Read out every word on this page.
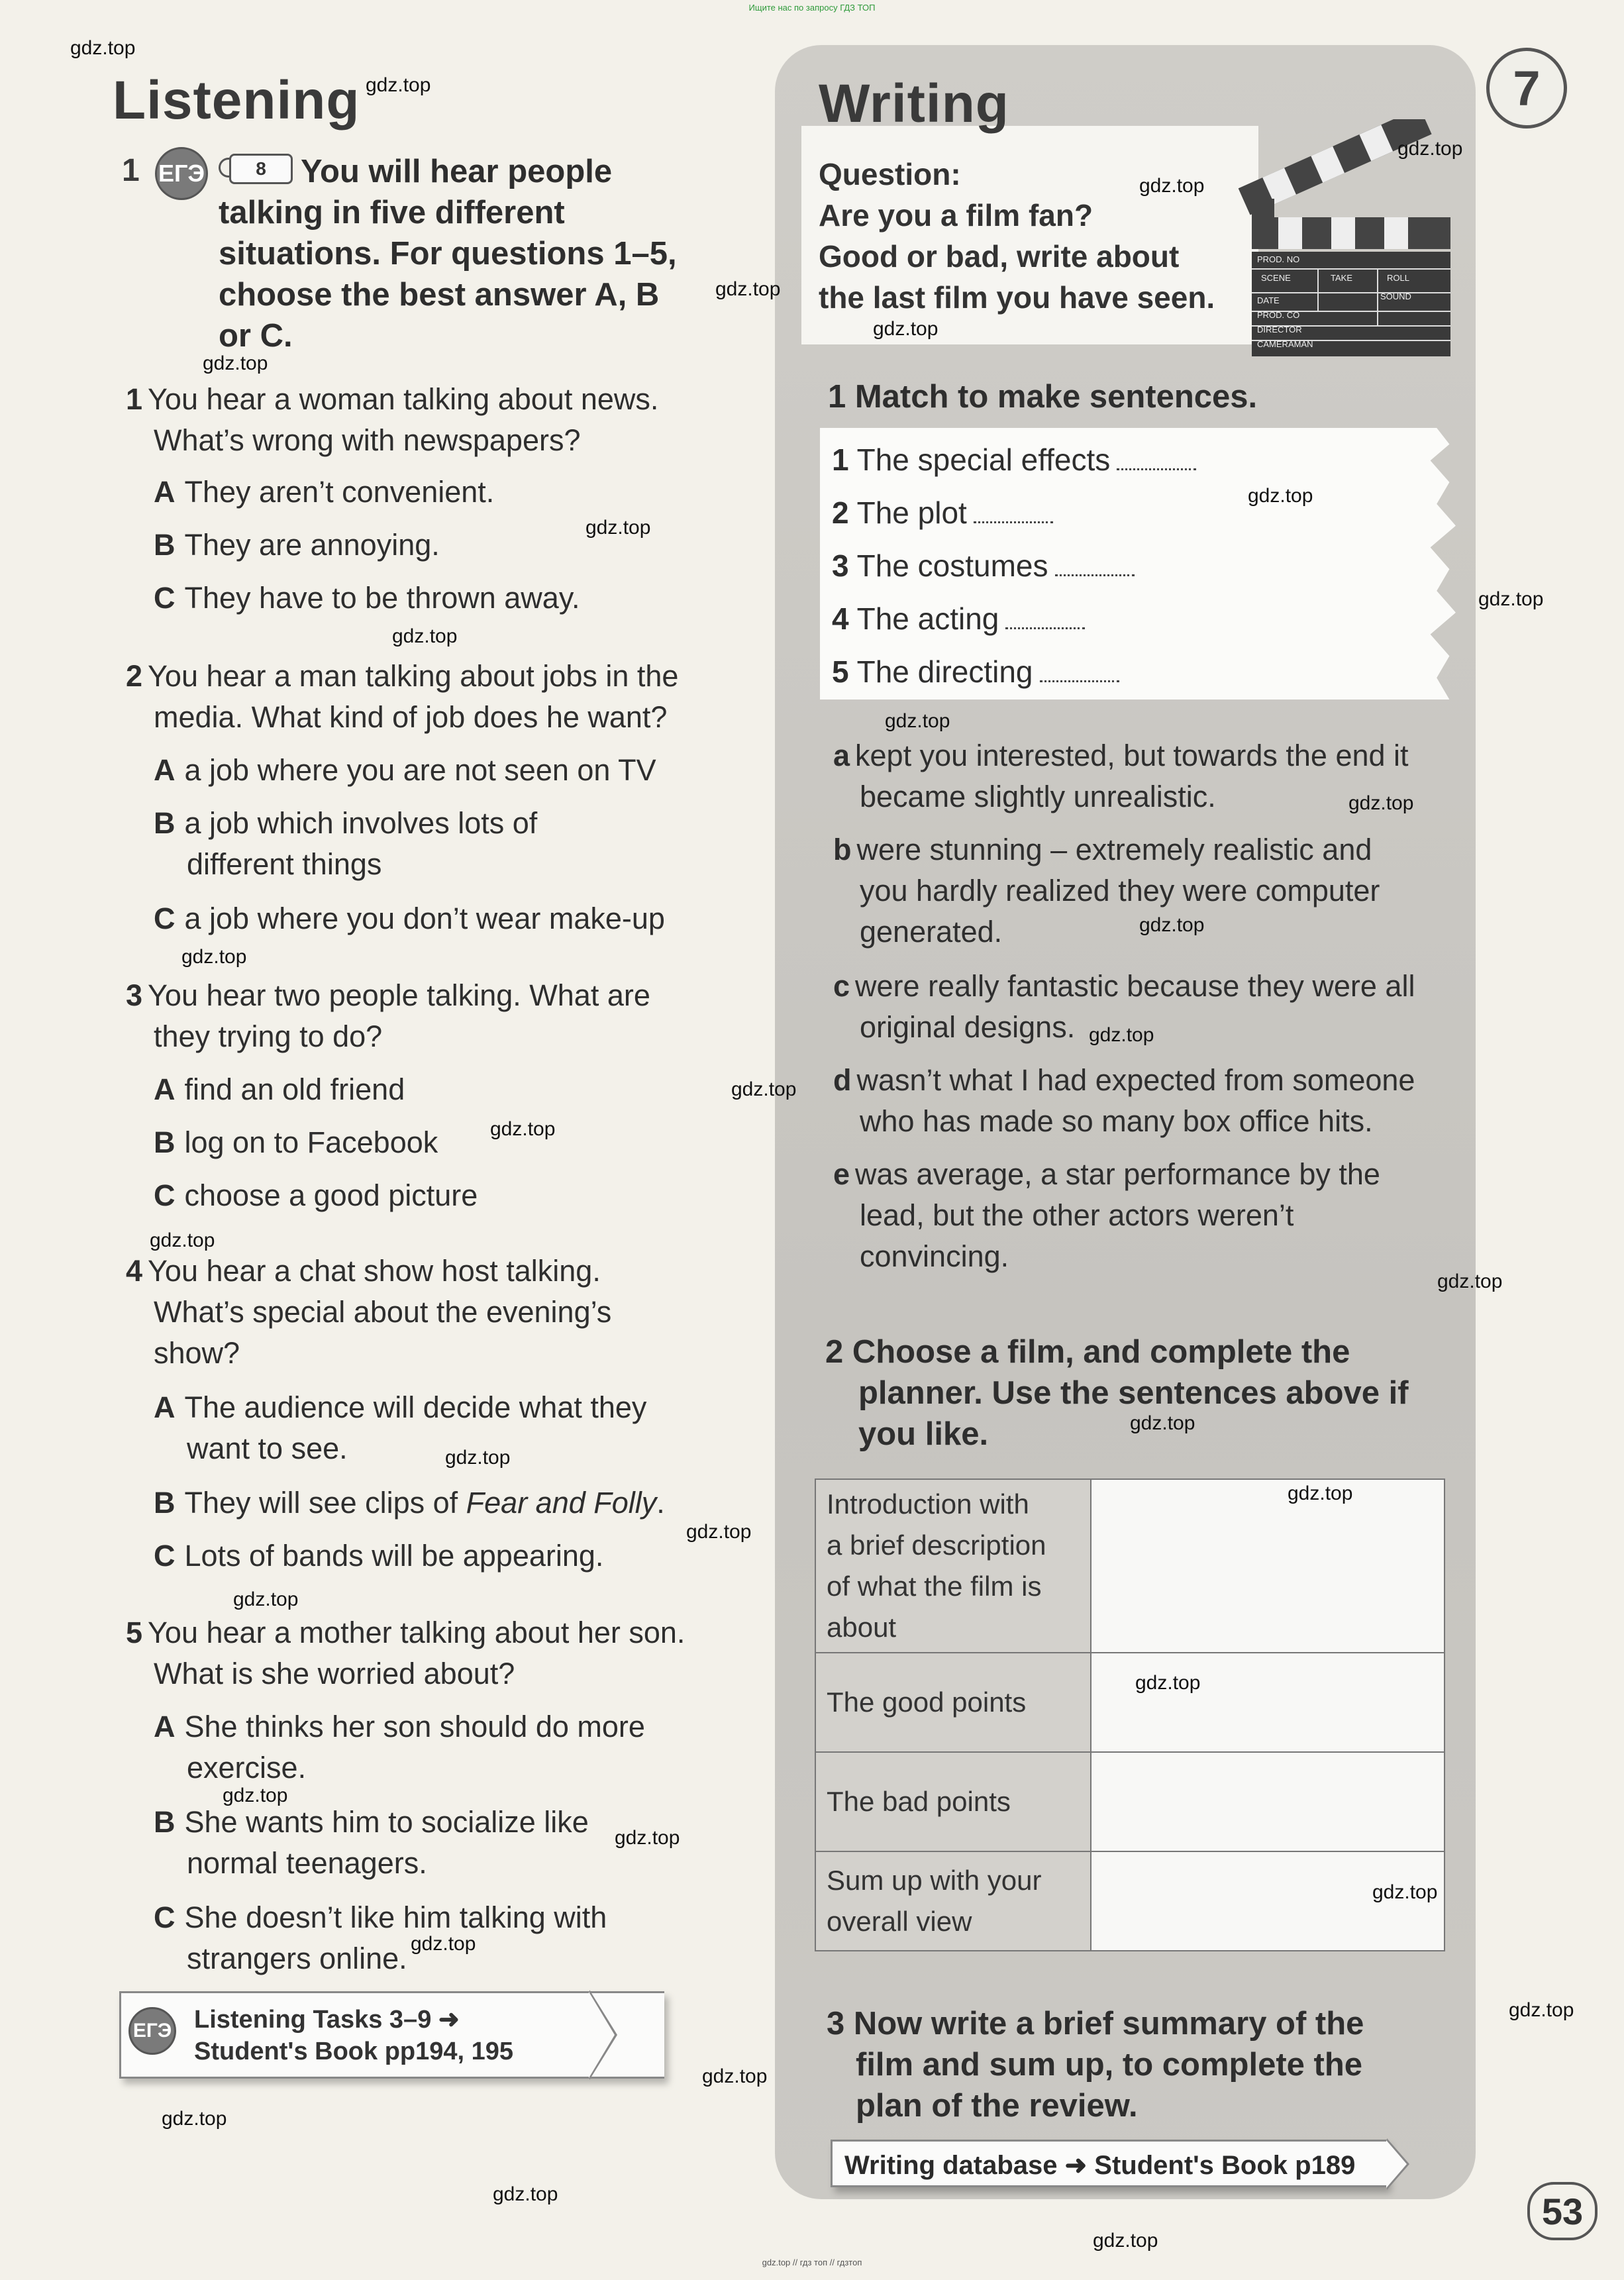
Ищите нас по запросу ГДЗ ТОП
gdz.top // гдз топ // гдзтоп
7
Listening
1 ЕГЭ	8	You will hear people
talking in five different
situations. For questions 1–5,
choose the best answer A, B
or C.
1 You hear a woman talking about news.
What’s wrong with newspapers?
A They aren’t convenient.
B They are annoying.
C They have to be thrown away.
2 You hear a man talking about jobs in the
media. What kind of job does he want?
A a job where you are not seen on TV
B a job which involves lots of
different things
C a job where you don’t wear make-up
3 You hear two people talking. What are
they trying to do?
A find an old friend
B log on to Facebook
C choose a good picture
4 You hear a chat show host talking.
What’s special about the evening’s
show?
A The audience will decide what they
want to see.
B They will see clips of Fear and Folly.
C Lots of bands will be appearing.
5 You hear a mother talking about her son.
What is she worried about?
A She thinks her son should do more
exercise.
B She wants him to socialize like
normal teenagers.
C She doesn’t like him talking with
strangers online.
Listening Tasks 3–9 ➜
Student's Book pp194, 195
ЕГЭ
Writing
Question:
Are you a film fan?
Good or bad, write about
the last film you have seen.
PROD. NO
SCENE	TAKE	ROLL
DATE	SOUND
PROD. CO
DIRECTOR
CAMERAMAN
1 Match to make sentences.
1 The special effects
2 The plot
3 The costumes
4 The acting
5 The directing
a kept you interested, but towards the end it
became slightly unrealistic.
b were stunning – extremely realistic and
you hardly realized they were computer
generated.
c were really fantastic because they were all
original designs.
d wasn’t what I had expected from someone
who has made so many box office hits.
e was average, a star performance by the
lead, but the other actors weren’t
convincing.
2 Choose a film, and complete the
planner. Use the sentences above if
you like.
Introduction with
a brief description
of what the film is
about	

The good points	

The bad points	

Sum up with your
overall view	

3 Now write a brief summary of the
film and sum up, to complete the
plan of the review.
Writing database ➜ Student's Book p189
53
gdz.top
gdz.top
gdz.top
gdz.top
gdz.top
gdz.top
gdz.top
gdz.top
gdz.top
gdz.top
gdz.top
gdz.top
gdz.top
gdz.top
gdz.top
gdz.top
gdz.top
gdz.top
gdz.top
gdz.top
gdz.top
gdz.top
gdz.top
gdz.top
gdz.top
gdz.top
gdz.top
gdz.top
gdz.top
gdz.top
gdz.top
gdz.top
gdz.top
gdz.top
gdz.top
